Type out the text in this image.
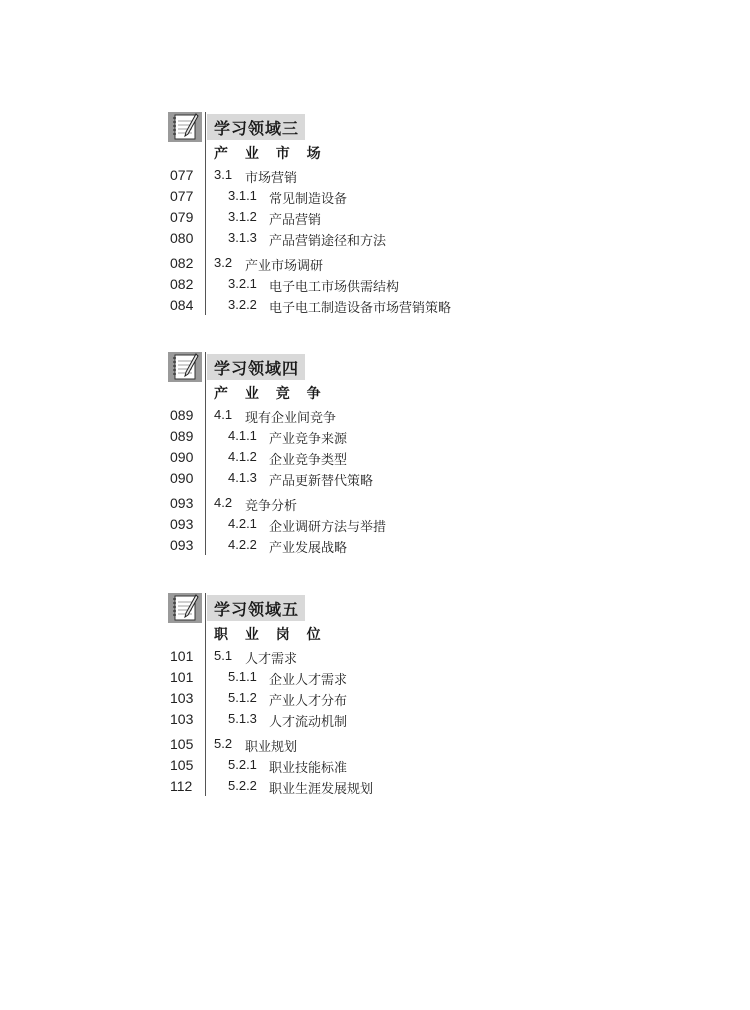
学习领域三
产 业 市 场
077	3.1 市场营销
077	3.1.1 常见制造设备
079	3.1.2 产品营销
080	3.1.3 产品营销途径和方法
082	3.2 产业市场调研
082	3.2.1 电子电工市场供需结构
084	3.2.2 电子电工制造设备市场营销策略
学习领域四
产 业 竞 争
089	4.1 现有企业间竞争
089	4.1.1 产业竞争来源
090	4.1.2 企业竞争类型
090	4.1.3 产品更新替代策略
093	4.2 竞争分析
093	4.2.1 企业调研方法与举措
093	4.2.2 产业发展战略
学习领域五
职 业 岗 位
101	5.1 人才需求
101	5.1.1 企业人才需求
103	5.1.2 产业人才分布
103	5.1.3 人才流动机制
105	5.2 职业规划
105	5.2.1 职业技能标准
112	5.2.2 职业生涯发展规划
